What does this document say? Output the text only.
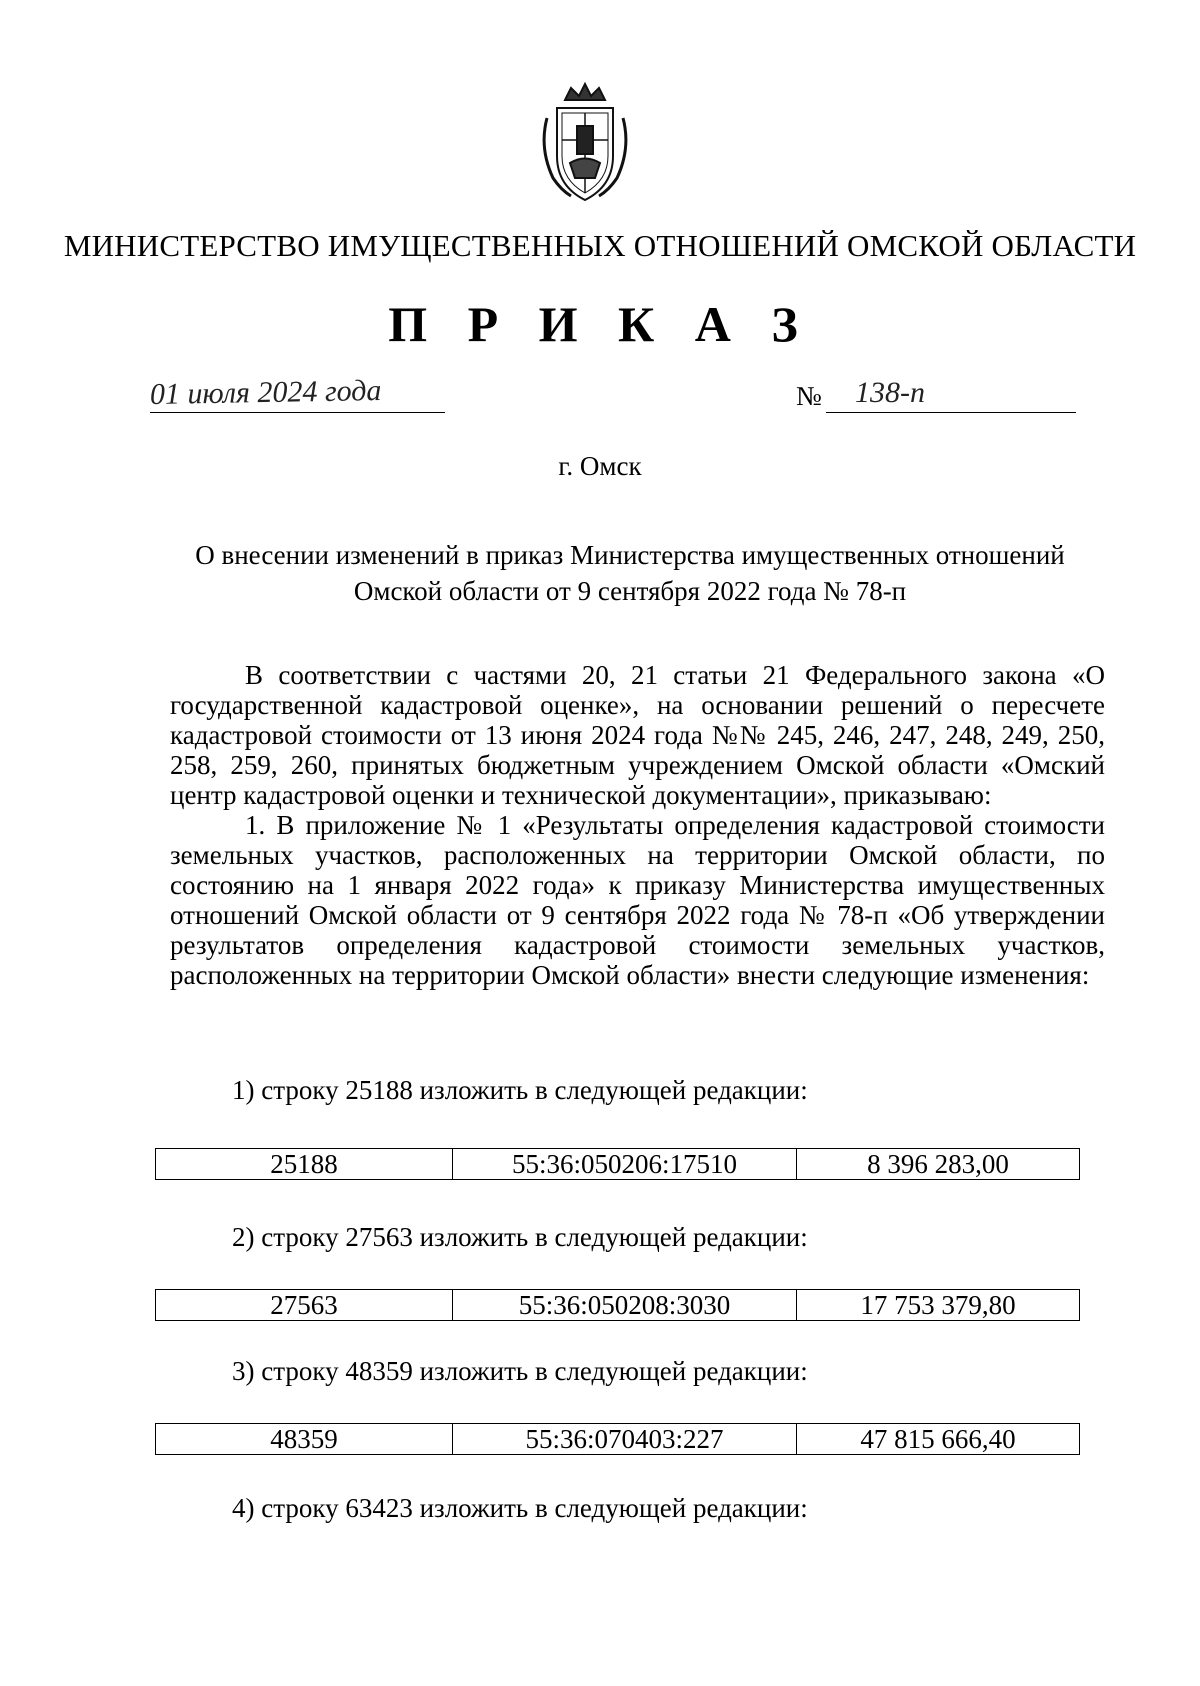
МИНИСТЕРСТВО ИМУЩЕСТВЕННЫХ ОТНОШЕНИЙ ОМСКОЙ ОБЛАСТИ
П Р И К А З
01 июля 2024 года	№ 138-п
г. Омск
О внесении изменений в приказ Министерства имущественных отношений
Омской области от 9 сентября 2022 года № 78-п

В соответствии с частями 20, 21 статьи 21 Федерального закона «О государственной кадастровой оценке», на основании решений о пересчете кадастровой стоимости от 13 июня 2024 года №№ 245, 246, 247, 248, 249, 250, 258, 259, 260, принятых бюджетным учреждением Омской области «Омский центр кадастровой оценки и технической документации», приказываю:

1. В приложение № 1 «Результаты определения кадастровой стоимости земельных участков, расположенных на территории Омской области, по состоянию на 1 января 2022 года» к приказу Министерства имущественных отношений Омской области от 9 сентября 2022 года № 78-п «Об утверждении результатов определения кадастровой стоимости земельных участков, расположенных на территории Омской области» внести следующие изменения:

1) строку 25188 изложить в следующей редакции:
25188	55:36:050206:17510	8 396 283,00
2) строку 27563 изложить в следующей редакции:
27563	55:36:050208:3030	17 753 379,80
3) строку 48359 изложить в следующей редакции:
48359	55:36:070403:227	47 815 666,40
4) строку 63423 изложить в следующей редакции:
